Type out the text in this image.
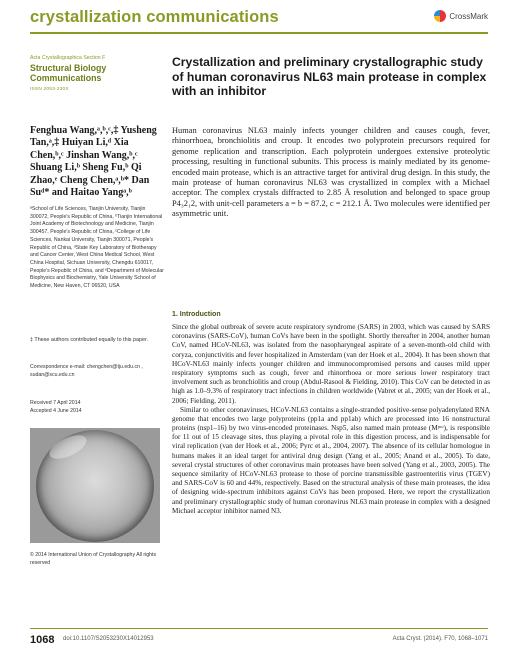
crystallization communications	CrossMark
Acta Crystallographica Section F
Structural Biology Communications
ISSN 2053-230X
Fenghua Wang,ᵃ,ᵇ,ᶜ,‡ Yusheng Tan,ᵃ,‡ Huiyan Li,ᵈ Xia Chen,ᵇ,ᶜ Jinshan Wang,ᵇ,ᶜ Shuang Li,ᵇ Sheng Fu,ᵇ Qi Zhao,ᵉ Cheng Chen,ᵃ,ᵇ* Dan Suᵈ* and Haitao Yangᵃ,ᵇ
ᵃSchool of Life Sciences, Tianjin University, Tianjin 300072, People's Republic of China, ᵇTianjin International Joint Academy of Biotechnology and Medicine, Tianjin 300457, People's Republic of China, ᶜCollege of Life Sciences, Nankai University, Tianjin 300071, People's Republic of China, ᵈState Key Laboratory of Biotherapy and Cancer Center, West China Medical School, West China Hospital, Sichuan University, Chengdu 610017, People's Republic of China, and ᵉDepartment of Molecular Biophysics and Biochemistry, Yale University School of Medicine, New Haven, CT 06520, USA
‡ These authors contributed equally to this paper.
Correspondence e-mail: chengchen@tju.edu.cn , sudan@scu.edu.cn
Received 7 April 2014
Accepted 4 June 2014
© 2014 International Union of Crystallography All rights reserved
Crystallization and preliminary crystallographic study of human coronavirus NL63 main protease in complex with an inhibitor
Human coronavirus NL63 mainly infects younger children and causes cough, fever, rhinorrhoea, bronchiolitis and croup. It encodes two polyprotein precursors required for genome replication and transcription. Each polyprotein undergoes extensive proteolytic processing, resulting in functional subunits. This process is mainly mediated by its genome-encoded main protease, which is an attractive target for antiviral drug design. In this study, the main protease of human coronavirus NL63 was crystallized in complex with a Michael acceptor. The complex crystals diffracted to 2.85 Å resolution and belonged to space group P4₃2₁2, with unit-cell parameters a = b = 87.2, c = 212.1 Å. Two molecules were identified per asymmetric unit.
1. Introduction

Since the global outbreak of severe acute respiratory syndrome (SARS) in 2003, which was caused by SARS coronavirus (SARS-CoV), human CoVs have been in the spotlight. Shortly thereafter in 2004, another human CoV, named HCoV-NL63, was isolated from the nasopharyngeal aspirate of a seven-month-old child with coryza, conjunctivitis and fever hospitalized in Amsterdam (van der Hoek et al., 2004). It has been shown that HCoV-NL63 mainly infects younger children and immunocompromised persons and causes mild upper respiratory symptoms such as cough, fever and rhinorrhoea or more serious lower respiratory tract involvement such as bronchiolitis and croup (Abdul-Rasool & Fielding, 2010). This CoV can be detected in as high as 1.0–9.3% of respiratory tract infections in children worldwide (Vabret et al., 2005; van der Hoek et al., 2006; Fielding, 2011).

Similar to other coronaviruses, HCoV-NL63 contains a single-stranded positive-sense polyadenylated RNA genome that encodes two large polyproteins (pp1a and pp1ab) which are processed into 16 nonstructural proteins (nsp1–16) by two virus-encoded proteinases. Nsp5, also named main protease (Mᵖʳᵒ), is responsible for 11 out of 15 cleavage sites, thus playing a pivotal role in this digestion process, and is indispensable for viral replication (van der Hoek et al., 2006; Pyrc et al., 2004, 2007). The absence of its cellular homologue in humans makes it an ideal target for antiviral drug design (Yang et al., 2005; Anand et al., 2005). To date, several crystal structures of other coronavirus main proteases have been solved (Yang et al., 2003, 2005). The sequence similarity of HCoV-NL63 protease to those of porcine transmissible gastroenteritis virus (TGEV) and SARS-CoV is 60 and 44%, respectively. Based on the structural analysis of these main proteases, the idea of designing wide-spectrum inhibitors against CoVs has been proposed. Here, we report the crystallization and preliminary crystallographic study of human coronavirus NL63 main protease in complex with a designed Michael acceptor inhibitor named N3.

1068 doi:10.1107/S2053230X14012953	Acta Cryst. (2014). F70, 1068–1071
